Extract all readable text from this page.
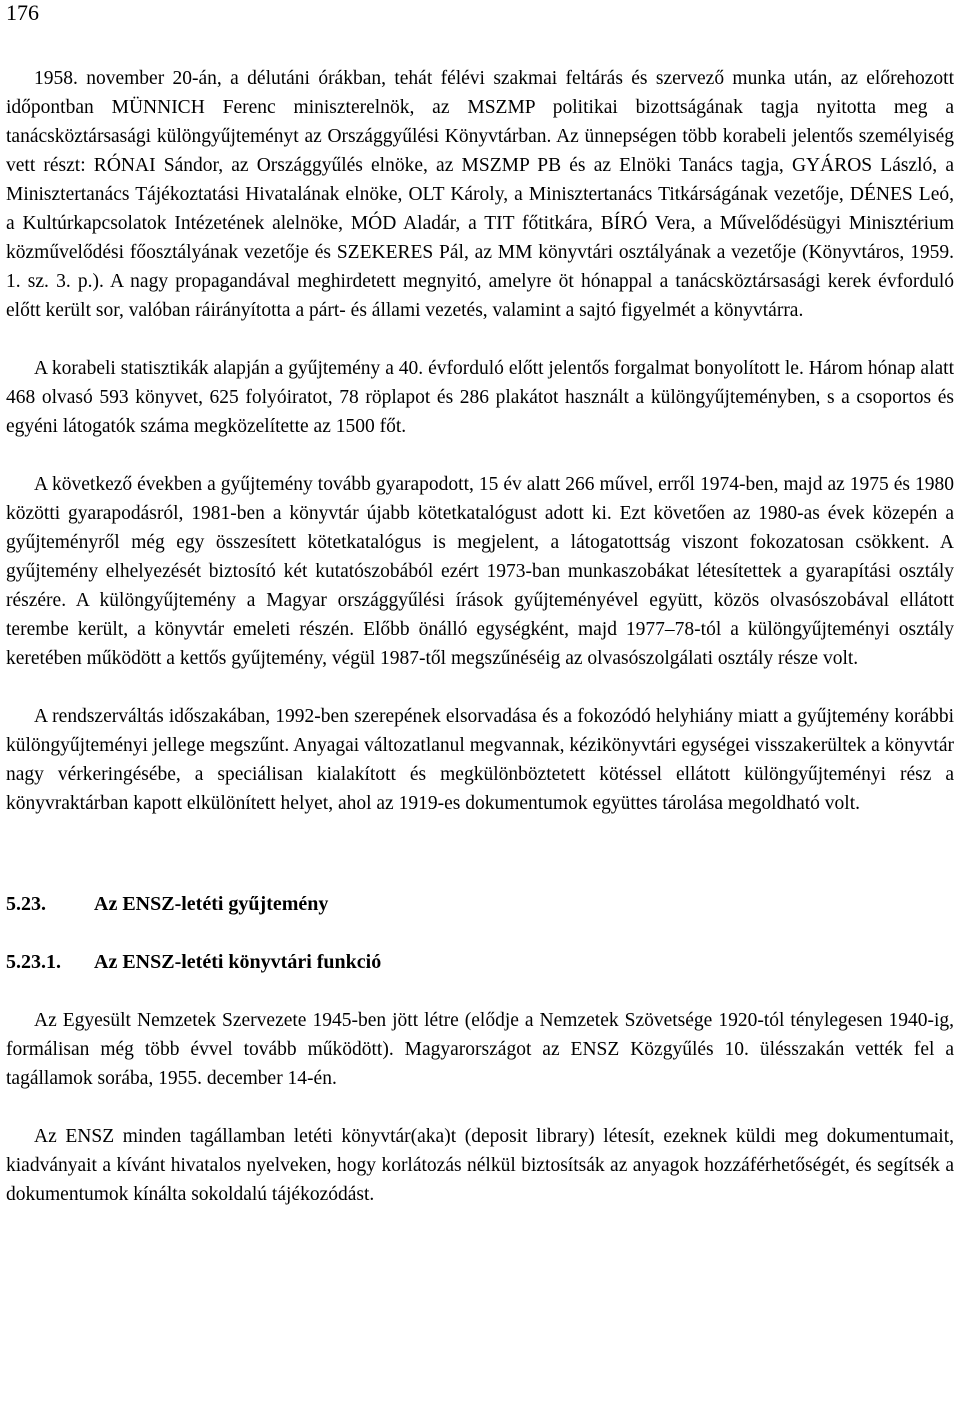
176

1958. november 20-án, a délutáni órákban, tehát félévi szakmai feltárás és szervező munka után, az előrehozott időpontban MÜNNICH Ferenc miniszterelnök, az MSZMP politikai bizottságának tagja nyitotta meg a tanácsköztársasági különgyűjteményt az Országgyűlési Könyvtárban. Az ünnepségen több korabeli jelentős személyiség vett részt: RÓNAI Sándor, az Országgyűlés elnöke, az MSZMP PB és az Elnöki Tanács tagja, GYÁROS László, a Minisztertanács Tájékoztatási Hivatalának elnöke, OLT Károly, a Minisztertanács Titkárságának vezetője, DÉNES Leó, a Kultúrkapcsolatok Intézetének alelnöke, MÓD Aladár, a TIT főtitkára, BÍRÓ Vera, a Művelődésügyi Minisztérium közművelődési főosztályának vezetője és SZEKERES Pál, az MM könyvtári osztályának a vezetője (Könyvtáros, 1959. 1. sz. 3. p.). A nagy propagandával meghirdetett megnyitó, amelyre öt hónappal a tanácsköztársasági kerek évforduló előtt került sor, valóban ráirányította a párt- és állami vezetés, valamint a sajtó figyelmét a könyvtárra.

A korabeli statisztikák alapján a gyűjtemény a 40. évforduló előtt jelentős forgalmat bonyolított le. Három hónap alatt 468 olvasó 593 könyvet, 625 folyóiratot, 78 röplapot és 286 plakátot használt a különgyűjteményben, s a csoportos és egyéni látogatók száma megközelítette az 1500 főt.

A következő években a gyűjtemény tovább gyarapodott, 15 év alatt 266 művel, erről 1974-ben, majd az 1975 és 1980 közötti gyarapodásról, 1981-ben a könyvtár újabb kötetkatalógust adott ki. Ezt követően az 1980-as évek közepén a gyűjteményről még egy összesített kötetkatalógus is megjelent, a látogatottság viszont fokozatosan csökkent. A gyűjtemény elhelyezését biztosító két kutatószobából ezért 1973-ban munkaszobákat létesítettek a gyarapítási osztály részére. A különgyűjtemény a Magyar országgyűlési írások gyűjteményével együtt, közös olvasószobával ellátott terembe került, a könyvtár emeleti részén. Előbb önálló egységként, majd 1977–78-tól a különgyűjteményi osztály keretében működött a kettős gyűjtemény, végül 1987-től megszűnéséig az olvasószolgálati osztály része volt.

A rendszerváltás időszakában, 1992-ben szerepének elsorvadása és a fokozódó helyhiány miatt a gyűjtemény korábbi különgyűjteményi jellege megszűnt. Anyagai változatlanul megvannak, kézikönyvtári egységei visszakerültek a könyvtár nagy vérkeringésébe, a speciálisan kialakított és megkülönböztetett kötéssel ellátott különgyűjteményi rész a könyvraktárban kapott elkülönített helyet, ahol az 1919-es dokumentumok együttes tárolása megoldható volt.

5.23. Az ENSZ-letéti gyűjtemény
5.23.1. Az ENSZ-letéti könyvtári funkció

Az Egyesült Nemzetek Szervezete 1945-ben jött létre (elődje a Nemzetek Szövetsége 1920-tól ténylegesen 1940-ig, formálisan még több évvel tovább működött). Magyarországot az ENSZ Közgyűlés 10. ülésszakán vették fel a tagállamok sorába, 1955. december 14-én.

Az ENSZ minden tagállamban letéti könyvtár(aka)t (deposit library) létesít, ezeknek küldi meg dokumentumait, kiadványait a kívánt hivatalos nyelveken, hogy korlátozás nélkül biztosítsák az anyagok hozzáférhetőségét, és segítsék a dokumentumok kínálta sokoldalú tájékozódást.
